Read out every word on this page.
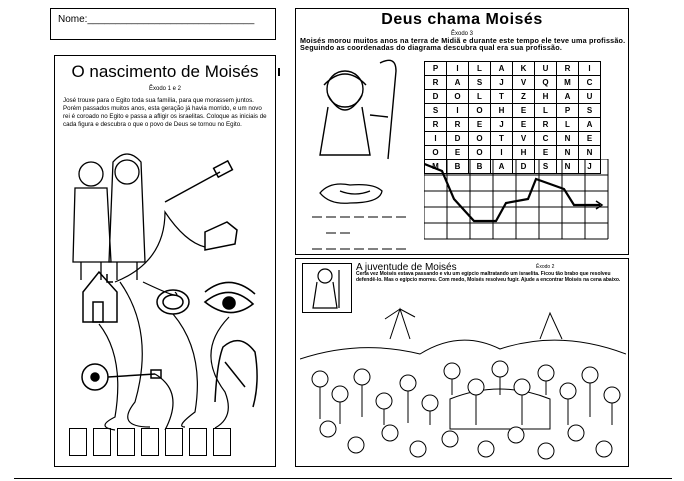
Nome:______________________________
O nascimento de Moisés
Êxodo 1 e 2
José trouxe para o Egito toda sua família, para que morassem juntos. Porém passados muitos anos, esta geração já havia morrido, e um novo rei é coroado no Egito e passa a afligir os israelitas. Coloque as iniciais de cada figura e descubra o que o povo de Deus se tornou no Egito.
Deus chama Moisés
Êxodo 3
Moisés morou muitos anos na terra de Midiã e durante este tempo ele teve uma profissão. Seguindo as coordenadas do diagrama descubra qual era sua profissão.
P	I	L	A	K	U	R	I
R	A	S	J	V	Q	M	C
D	O	L	T	Z	H	A	U
S	I	O	H	E	L	P	S
R	R	E	J	E	R	L	A
I	D	O	T	V	C	N	E
O	E	O	I	H	E	N	N
M	B	B	A	D	S	N	J
A juventude de Moisés	Êxodo 2
Certa vez Moisés estava passando e viu um egípcio maltratando um israelita. Ficou tão brabo que resolveu defendê-lo. Mas o egípcio morreu. Com medo, Moisés resolveu fugir. Ajude a encontrar Moisés na cena abaixo.
